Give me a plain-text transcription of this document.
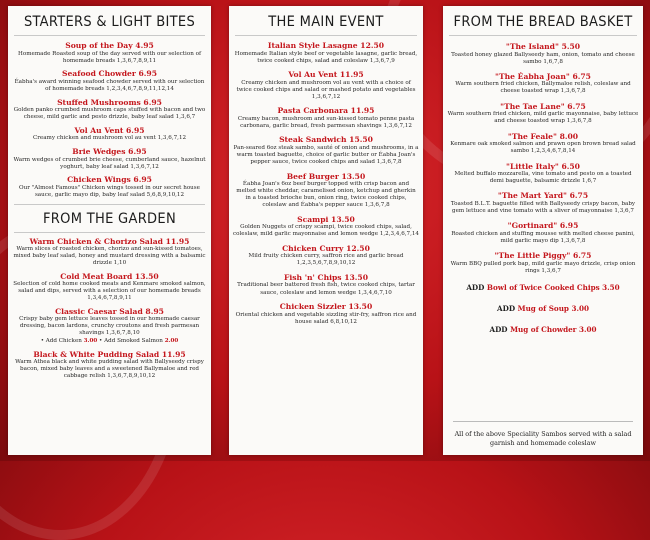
STARTERS & LIGHT BITES
Soup of the Day 4.95
Homemade Roasted soup of the day served with our selection of homemade breads 1,3,6,7,8,9,11
Seafood Chowder 6.95
Éabha's award winning seafood chowder served with our selection of homemade breads 1,2,3,4,6,7,8,9,11,12,14
Stuffed Mushrooms 6.95
Golden panko crumbed mushroom caps stuffed with bacon and two cheese, mild garlic and pesto drizzle, baby leaf salad 1,3,6,7
Vol Au Vent 6.95
Creamy chicken and mushroom vol au vent 1,3,6,7,12
Brie Wedges 6.95
Warm wedges of crumbed brie cheese, cumberland sauce, hazelnut yoghurt, baby leaf salad 1,3,6,7,12
Chicken Wings 6.95
Our "Almost Famous" Chicken wings tossed in our secret house sauce, garlic mayo dip, baby leaf salad 5,6,8,9,10,12
FROM THE GARDEN
Warm Chicken & Chorizo Salad 11.95
Warm slices of roasted chicken, chorizo and sun-kissed tomatoes, mixed baby leaf salad, honey and mustard dressing with a balsamic drizzle 1,10
Cold Meat Board 13.50
Selection of cold home cooked meats and Kenmare smoked salmon, salad and dips, served with a selection of our homemade breads 1,3,4,6,7,8,9,11
Classic Caesar Salad 8.95
Crispy baby gem lettuce leaves tossed in our homemade caesar dressing, bacon lardons, crunchy croutons and fresh parmesan shavings 1,3,6,7,8,10
• Add Chicken 3.00 • Add Smoked Salmon 2.00
Black & White Pudding Salad 11.95
Warm Athea black and white pudding salad with Ballyseedy crispy bacon, mixed baby leaves and a sweetened Ballymaloe and red cabbage relish 1,3,6,7,8,9,10,12
THE MAIN EVENT
Italian Style Lasagne 12.50
Homemade Italian style beef or vegetable lasagne, garlic bread, twice cooked chips, salad and coleslaw 1,3,6,7,9
Vol Au Vent 11.95
Creamy chicken and mushroom vol au vent with a choice of twice cooked chips and salad or mashed potato and vegetables 1,3,6,7,12
Pasta Carbonara 11.95
Creamy bacon, mushroom and sun-kissed tomato penne pasta carbonara, garlic bread, fresh parmesan shavings 1,3,6,7,12
Steak Sandwich 15.50
Pan-seared 6oz steak sambo, sauté of onion and mushrooms, in a warm toasted baguette, choice of garlic butter or Éabha Joan's pepper sauce, twice cooked chips and salad 1,3,6,7,8
Beef Burger 13.50
Éabha Joan's 6oz beef burger topped with crisp bacon and melted white cheddar, caramelised onion, ketchup and gherkin in a toasted brioche bun, onion ring, twice cooked chips, coleslaw and Éabha's pepper sauce 1,3,6,7,8
Scampi 13.50
Golden Nuggets of crispy scampi, twice cooked chips, salad, coleslaw, mild garlic mayonnaise and lemon wedge 1,2,3,4,6,7,14
Chicken Curry 12.50
Mild fruity chicken curry, saffron rice and garlic bread 1,2,3,5,6,7,8,9,10,12
Fish 'n' Chips 13.50
Traditional beer battered fresh fish, twice cooked chips, tartar sauce, coleslaw and lemon wedge 1,3,4,6,7,10
Chicken Sizzler 13.50
Oriental chicken and vegetable sizzling stir-fry, saffron rice and house salad 6,8,10,12
FROM THE BREAD BASKET
"The Island" 5.50
Toasted honey glazed Ballyseedy ham, onion, tomato and cheese sambo 1,6,7,8
"The Éabha Joan" 6.75
Warm southern fried chicken, Ballymaloe relish, coleslaw and cheese toasted wrap 1,3,6,7,8
"The Tae Lane" 6.75
Warm southern fried chicken, mild garlic mayonnaise, baby lettuce and cheese toasted wrap 1,3,6,7,8
"The Feale" 8.00
Kenmare oak smoked salmon and prawn open brown bread salad sambo 1,2,3,4,6,7,8,14
"Little Italy" 6.50
Melted buffalo mozzarella, vine tomato and pesto on a toasted demi baguette, balsamic drizzle 1,6,7
"The Mart Yard" 6.75
Toasted B.L.T. baguette filled with Ballyseedy crispy bacon, baby gem lettuce and vine tomato with a sliver of mayonnaise 1,3,6,7
"Gortinard" 6.95
Roasted chicken and stuffing mousse with melted cheese panini, mild garlic mayo dip 1,3,6,7,8
"The Little Piggy" 6.75
Warm BBQ pulled pork bap, mild garlic mayo drizzle, crisp onion rings 1,3,6,7
ADD Bowl of Twice Cooked Chips 3.50
ADD Mug of Soup 3.00
ADD Mug of Chowder 3.00
All of the above Speciality Sambos served with a salad garnish and homemade coleslaw
